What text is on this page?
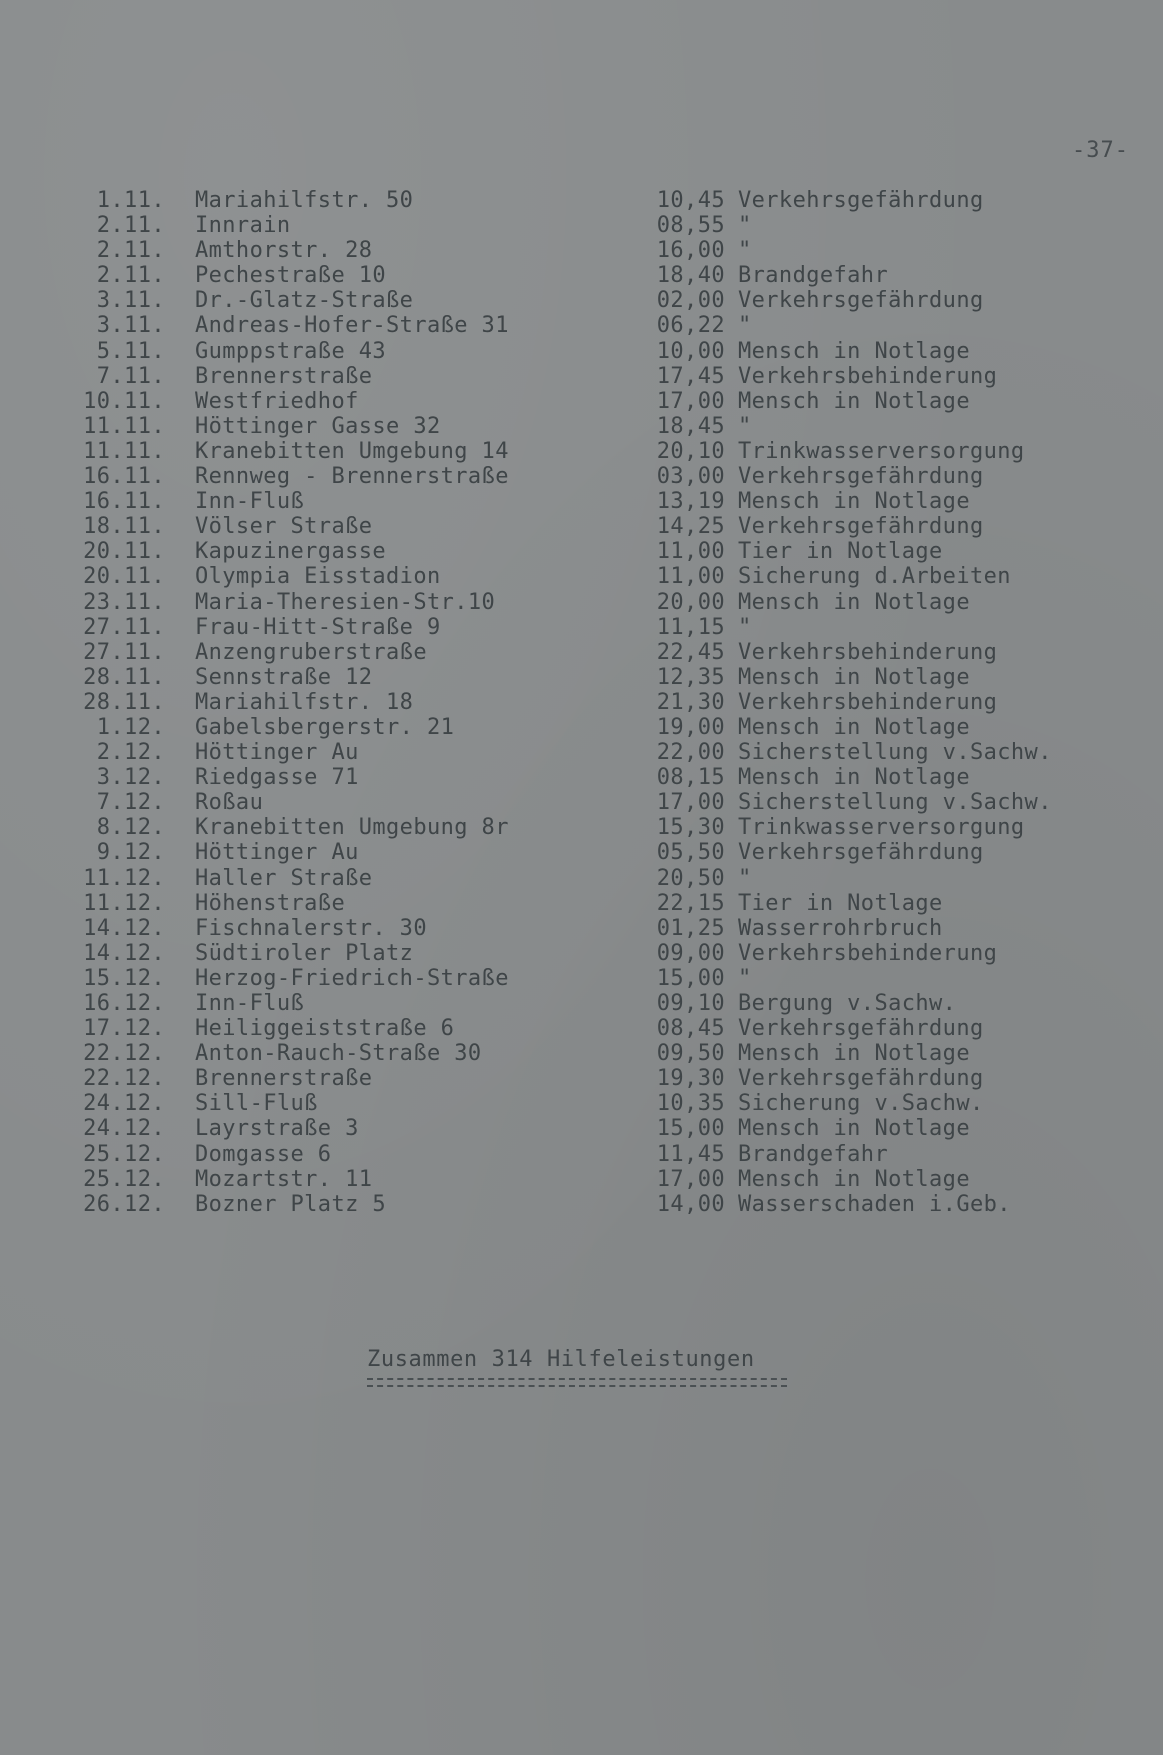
-37-
1.11. Mariahilfstr. 50	10,45 Verkehrsgefährdung
2.11. Innrain	08,55 "
2.11. Amthorstr. 28	16,00 "
2.11. Pechestraße 10	18,40 Brandgefahr
3.11. Dr.-Glatz-Straße	02,00 Verkehrsgefährdung
3.11. Andreas-Hofer-Straße 31	06,22 "
5.11. Gumppstraße 43	10,00 Mensch in Notlage
7.11. Brennerstraße	17,45 Verkehrsbehinderung
10.11. Westfriedhof	17,00 Mensch in Notlage
11.11. Höttinger Gasse 32	18,45 "
11.11. Kranebitten Umgebung 14	20,10 Trinkwasserversorgung
16.11. Rennweg - Brennerstraße	03,00 Verkehrsgefährdung
16.11. Inn-Fluß	13,19 Mensch in Notlage
18.11. Völser Straße	14,25 Verkehrsgefährdung
20.11. Kapuzinergasse	11,00 Tier in Notlage
20.11. Olympia Eisstadion	11,00 Sicherung d.Arbeiten
23.11. Maria-Theresien-Str.10	20,00 Mensch in Notlage
27.11. Frau-Hitt-Straße 9	11,15 "
27.11. Anzengruberstraße	22,45 Verkehrsbehinderung
28.11. Sennstraße 12	12,35 Mensch in Notlage
28.11. Mariahilfstr. 18	21,30 Verkehrsbehinderung
1.12. Gabelsbergerstr. 21	19,00 Mensch in Notlage
2.12. Höttinger Au	22,00 Sicherstellung v.Sachw.
3.12. Riedgasse 71	08,15 Mensch in Notlage
7.12. Roßau	17,00 Sicherstellung v.Sachw.
8.12. Kranebitten Umgebung 8r	15,30 Trinkwasserversorgung
9.12. Höttinger Au	05,50 Verkehrsgefährdung
11.12. Haller Straße	20,50 "
11.12. Höhenstraße	22,15 Tier in Notlage
14.12. Fischnalerstr. 30	01,25 Wasserrohrbruch
14.12. Südtiroler Platz	09,00 Verkehrsbehinderung
15.12. Herzog-Friedrich-Straße	15,00 "
16.12. Inn-Fluß	09,10 Bergung v.Sachw.
17.12. Heiliggeiststraße 6	08,45 Verkehrsgefährdung
22.12. Anton-Rauch-Straße 30	09,50 Mensch in Notlage
22.12. Brennerstraße	19,30 Verkehrsgefährdung
24.12. Sill-Fluß	10,35 Sicherung v.Sachw.
24.12. Layrstraße 3	15,00 Mensch in Notlage
25.12. Domgasse 6	11,45 Brandgefahr
25.12. Mozartstr. 11	17,00 Mensch in Notlage
26.12. Bozner Platz 5	14,00 Wasserschaden i.Geb.
Zusammen 314 Hilfeleistungen
